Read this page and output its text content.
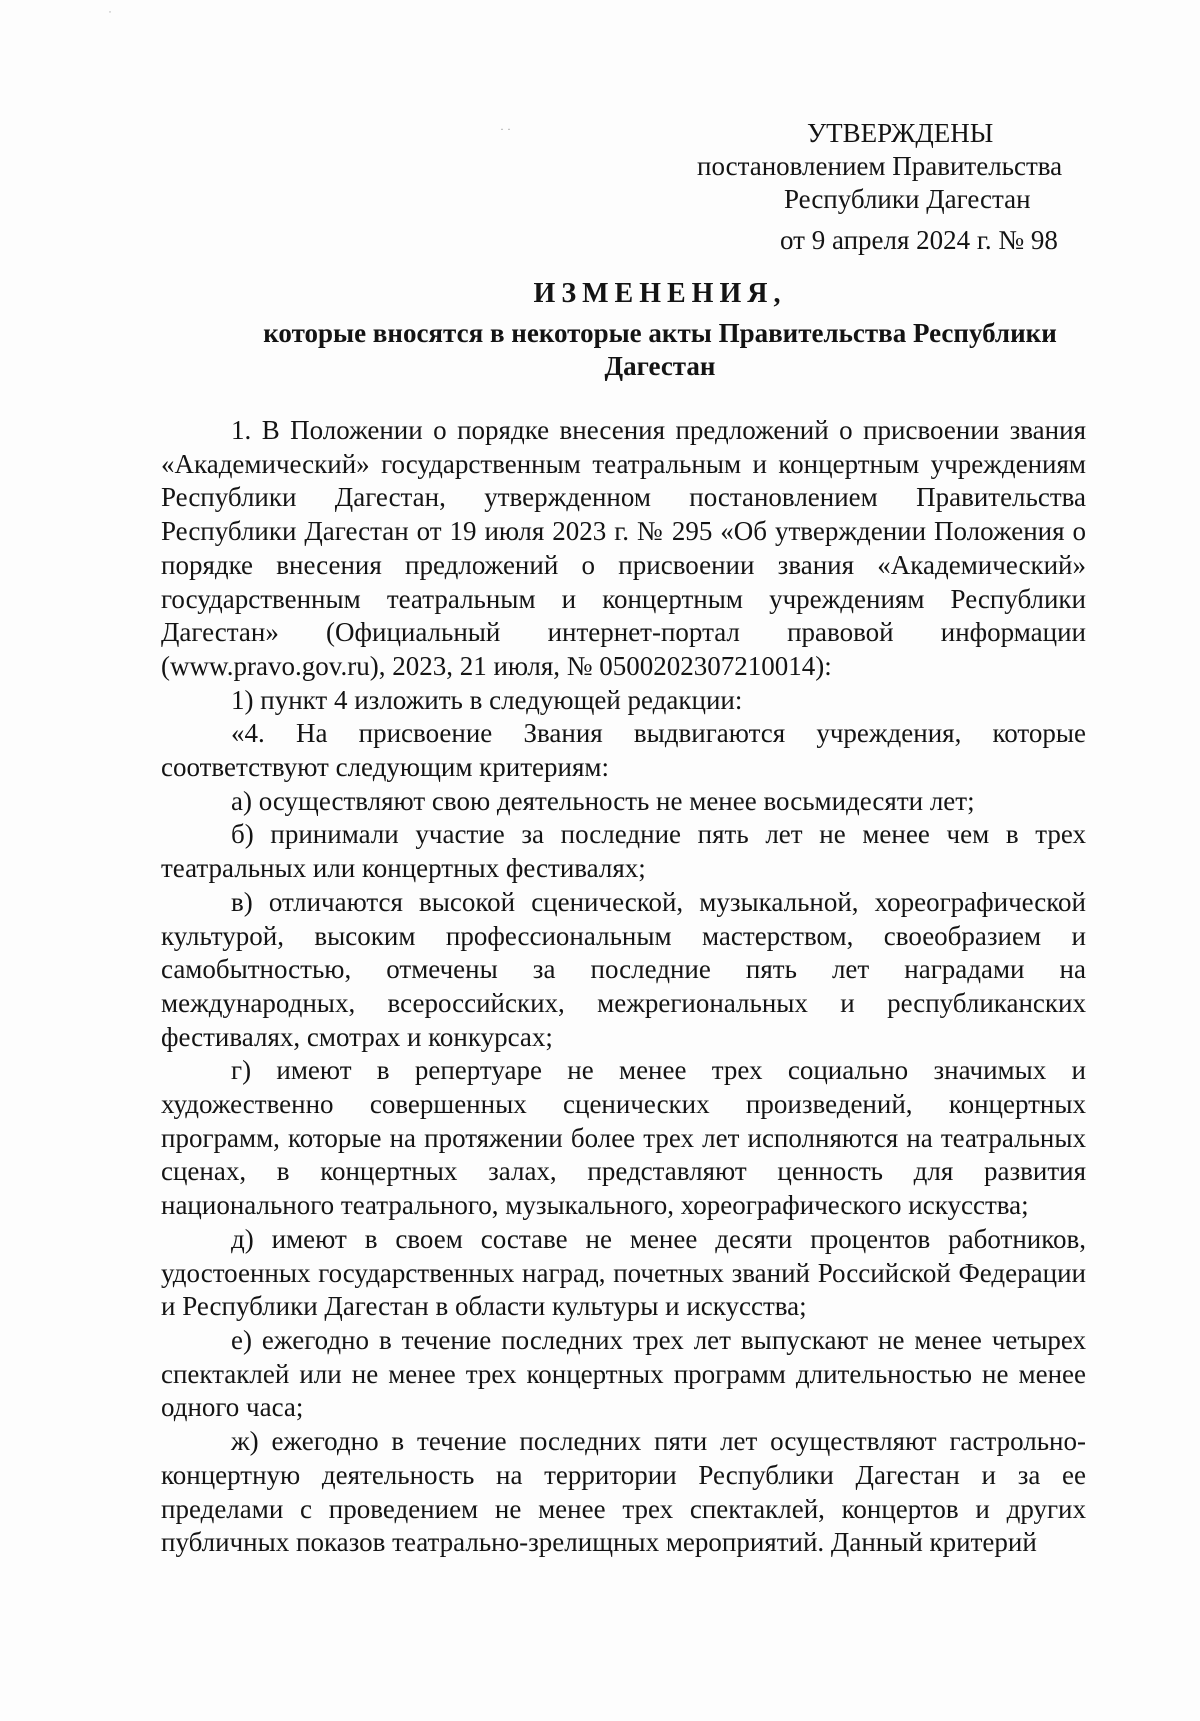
˙
· ·	УТВЕРЖДЕНЫ
постановлением Правительства
Республики Дагестан
от 9 апреля 2024 г. № 98
ИЗМЕНЕНИЯ,
которые вносятся в некоторые акты Правительства Республики
Дагестан

1. В Положении о порядке внесения предложений о присвоении звания «Академический» государственным театральным и концертным учреждениям Республики Дагестан, утвержденном постановлением Правительства Республики Дагестан от 19 июля 2023 г. № 295 «Об утверждении Положения о порядке внесения предложений о присвоении звания «Академический» государственным театральным и концертным учреждениям Республики Дагестан» (Официальный интернет-портал правовой информации (www.pravo.gov.ru), 2023, 21 июля, № 0500202307210014):

1) пункт 4 изложить в следующей редакции:

«4. На присвоение Звания выдвигаются учреждения, которые соответствуют следующим критериям:

а) осуществляют свою деятельность не менее восьмидесяти лет;

б) принимали участие за последние пять лет не менее чем в трех театральных или концертных фестивалях;

в) отличаются высокой сценической, музыкальной, хореографической культурой, высоким профессиональным мастерством, своеобразием и самобытностью, отмечены за последние пять лет наградами на международных, всероссийских, межрегиональных и республиканских фестивалях, смотрах и конкурсах;

г) имеют в репертуаре не менее трех социально значимых и художественно совершенных сценических произведений, концертных программ, которые на протяжении более трех лет исполняются на театральных сценах, в концертных залах, представляют ценность для развития национального театрального, музыкального, хореографического искусства;

д) имеют в своем составе не менее десяти процентов работников, удостоенных государственных наград, почетных званий Российской Федерации и Республики Дагестан в области культуры и искусства;

е) ежегодно в течение последних трех лет выпускают не менее четырех спектаклей или не менее трех концертных программ длительностью не менее одного часа;

ж) ежегодно в течение последних пяти лет осуществляют гастрольно-концертную деятельность на территории Республики Дагестан и за ее пределами с проведением не менее трех спектаклей, концертов и других публичных показов театрально-зрелищных мероприятий. Данный критерий
